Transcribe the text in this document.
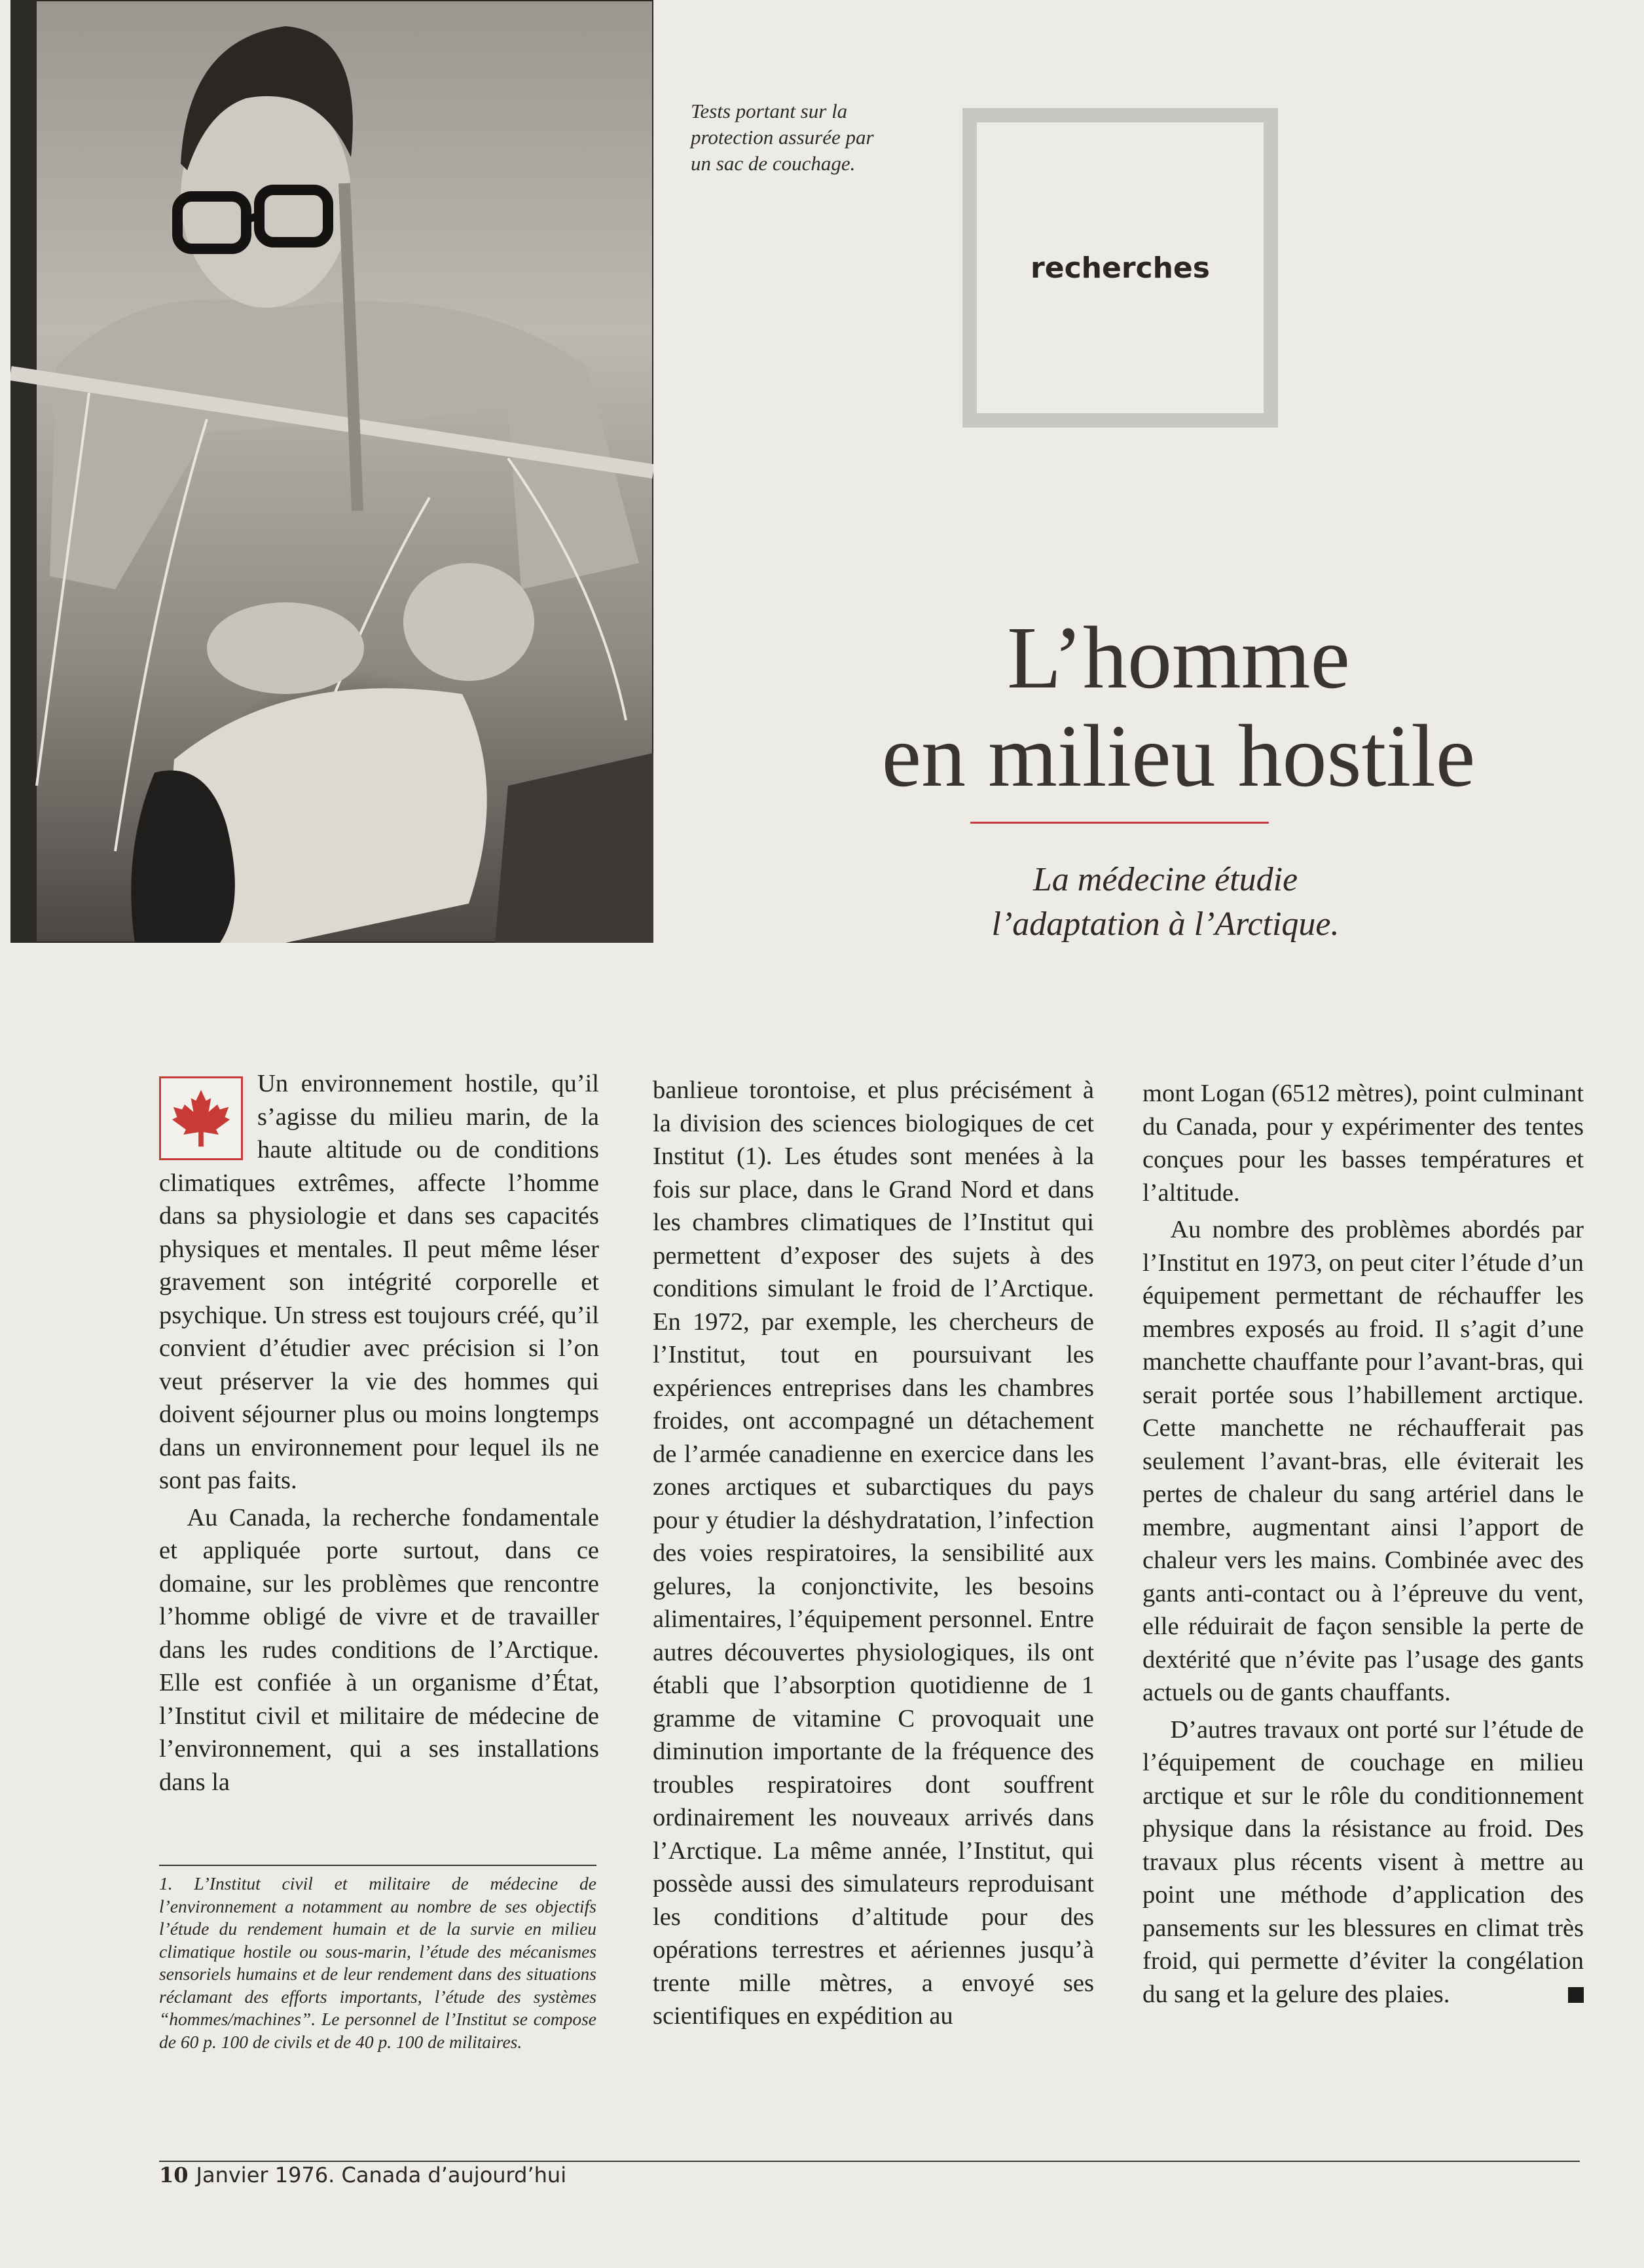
Tests portant sur la protection assurée par un sac de couchage.
recherches
L’homme
en milieu hostile
La médecine étudie
l’adaptation à l’Arctique.

Un environnement hostile, qu’il s’agisse du milieu marin, de la haute altitude ou de conditions climatiques extrêmes, affecte l’homme dans sa physiologie et dans ses capacités physiques et mentales. Il peut même léser gravement son intégrité corporelle et psychique. Un stress est toujours créé, qu’il convient d’étudier avec précision si l’on veut préserver la vie des hommes qui doivent séjourner plus ou moins longtemps dans un environnement pour lequel ils ne sont pas faits.

Au Canada, la recherche fondamentale et appliquée porte surtout, dans ce domaine, sur les problèmes que rencontre l’homme obligé de vivre et de travailler dans les rudes conditions de l’Arctique. Elle est confiée à un organisme d’État, l’Institut civil et militaire de médecine de l’environnement, qui a ses installations dans la

1. L’Institut civil et militaire de médecine de l’environnement a notamment au nombre de ses objectifs l’étude du rendement humain et de la survie en milieu climatique hostile ou sous-marin, l’étude des mécanismes sensoriels humains et de leur rendement dans des situations réclamant des efforts importants, l’étude des systèmes “hommes/machines”. Le personnel de l’Institut se compose de 60 p. 100 de civils et de 40 p. 100 de militaires.

banlieue torontoise, et plus précisément à la division des sciences biologiques de cet Institut (1). Les études sont menées à la fois sur place, dans le Grand Nord et dans les chambres climatiques de l’Institut qui permettent d’exposer des sujets à des conditions simulant le froid de l’Arctique. En 1972, par exemple, les chercheurs de l’Institut, tout en poursuivant les expériences entreprises dans les chambres froides, ont accompagné un détachement de l’armée canadienne en exercice dans les zones arctiques et subarctiques du pays pour y étudier la déshydratation, l’infection des voies respiratoires, la sensibilité aux gelures, la conjonctivite, les besoins alimentaires, l’équipement personnel. Entre autres découvertes physiologiques, ils ont établi que l’absorption quotidienne de 1 gramme de vitamine C provoquait une diminution importante de la fréquence des troubles respiratoires dont souffrent ordinairement les nouveaux arrivés dans l’Arctique. La même année, l’Institut, qui possède aussi des simulateurs reproduisant les conditions d’altitude pour des opérations terrestres et aériennes jusqu’à trente mille mètres, a envoyé ses scientifiques en expédition au

mont Logan (6512 mètres), point culminant du Canada, pour y expérimenter des tentes conçues pour les basses températures et l’altitude.

Au nombre des problèmes abordés par l’Institut en 1973, on peut citer l’étude d’un équipement permettant de réchauffer les membres exposés au froid. Il s’agit d’une manchette chauffante pour l’avant-bras, qui serait portée sous l’habillement arctique. Cette manchette ne réchaufferait pas seulement l’avant-bras, elle éviterait les pertes de chaleur du sang artériel dans le membre, augmentant ainsi l’apport de chaleur vers les mains. Combinée avec des gants anti-contact ou à l’épreuve du vent, elle réduirait de façon sensible la perte de dextérité que n’évite pas l’usage des gants actuels ou de gants chauffants.

D’autres travaux ont porté sur l’étude de l’équipement de couchage en milieu arctique et sur le rôle du conditionnement physique dans la résistance au froid. Des travaux plus récents visent à mettre au point une méthode d’application des pansements sur les blessures en climat très froid, qui permette d’éviter la congélation du sang et la gelure des plaies.

10 Janvier 1976. Canada d’aujourd’hui
